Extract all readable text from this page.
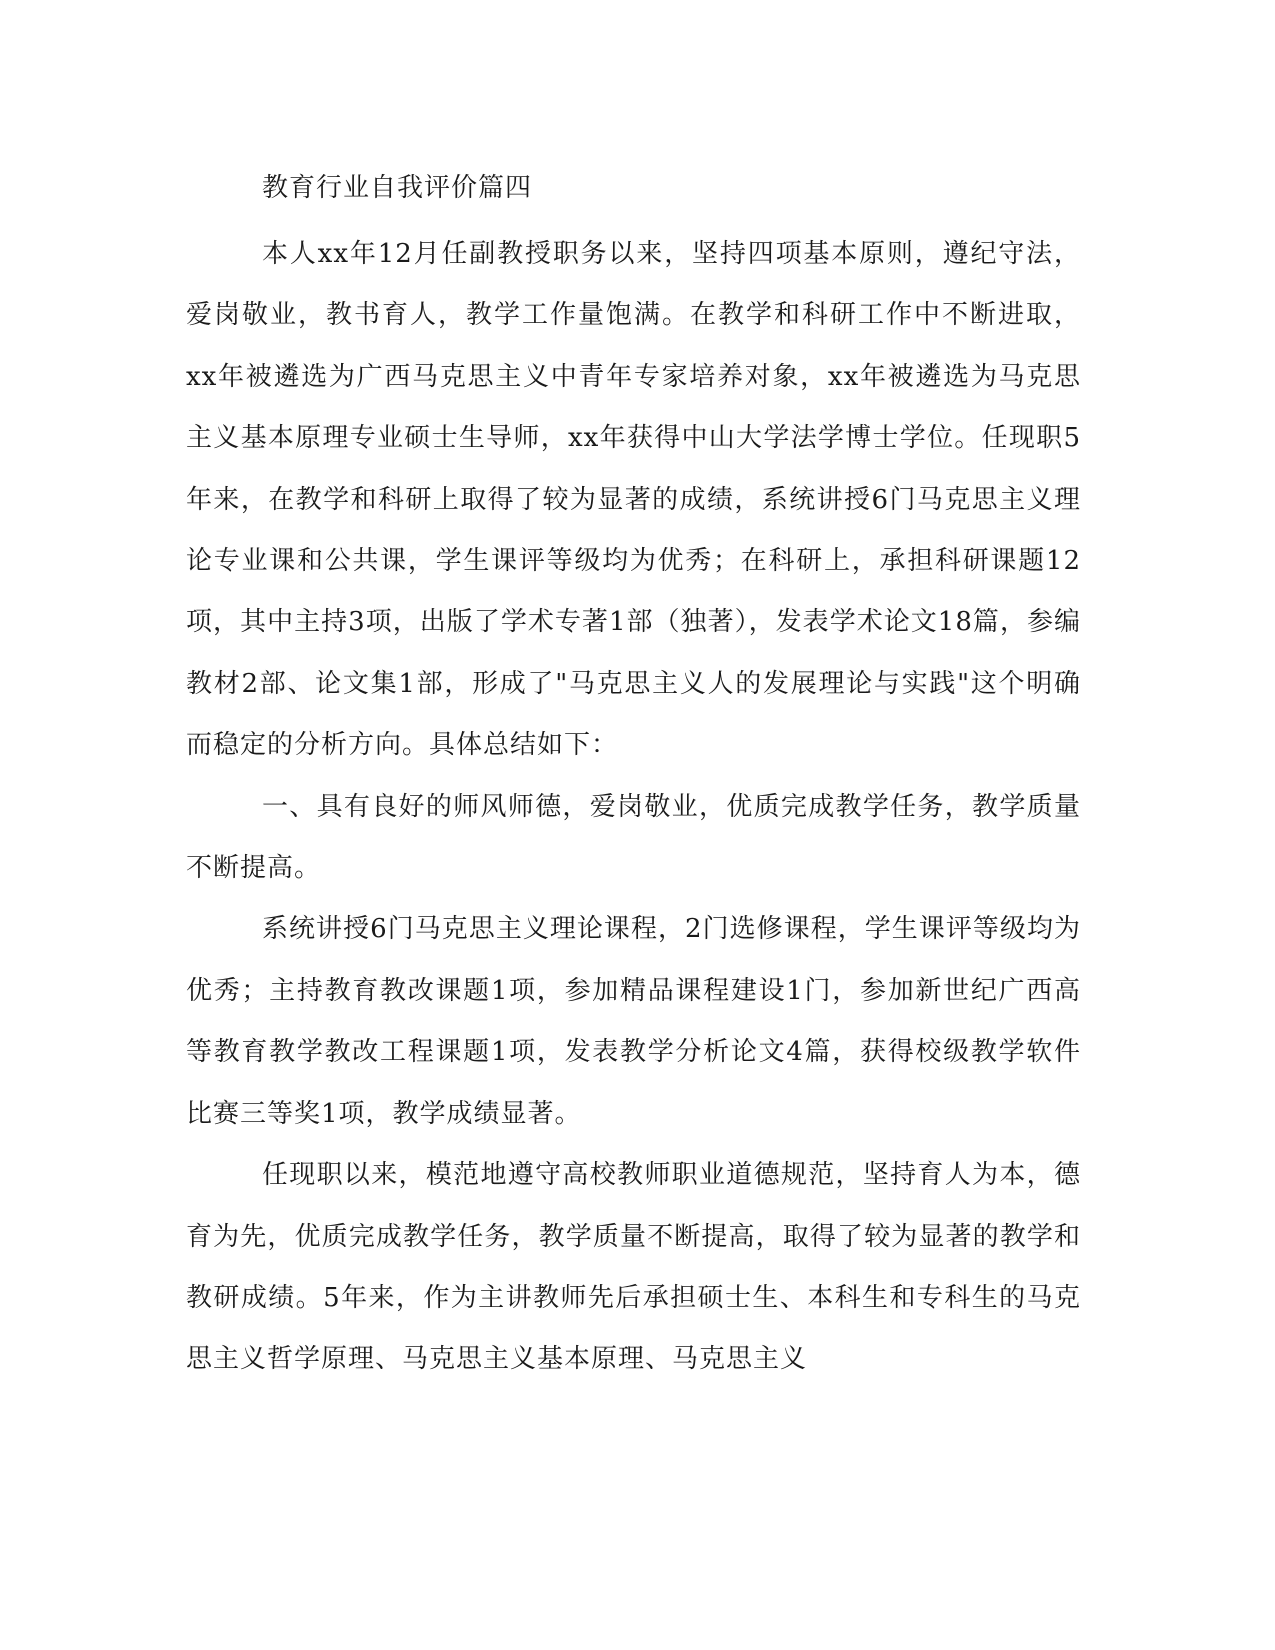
教育行业自我评价篇四

本人xx年12月任副教授职务以来，坚持四项基本原则，遵纪守法，爱岗敬业，教书育人，教学工作量饱满。在教学和科研工作中不断进取，xx年被遴选为广西马克思主义中青年专家培养对象，xx年被遴选为马克思主义基本原理专业硕士生导师，xx年获得中山大学法学博士学位。任现职5年来，在教学和科研上取得了较为显著的成绩，系统讲授6门马克思主义理论专业课和公共课，学生课评等级均为优秀；在科研上，承担科研课题12项，其中主持3项，出版了学术专著1部（独著），发表学术论文18篇，参编教材2部、论文集1部，形成了"马克思主义人的发展理论与实践"这个明确而稳定的分析方向。具体总结如下：

一、具有良好的师风师德，爱岗敬业，优质完成教学任务，教学质量不断提高。

系统讲授6门马克思主义理论课程，2门选修课程，学生课评等级均为优秀；主持教育教改课题1项，参加精品课程建设1门，参加新世纪广西高等教育教学教改工程课题1项，发表教学分析论文4篇，获得校级教学软件比赛三等奖1项，教学成绩显著。

任现职以来，模范地遵守高校教师职业道德规范，坚持育人为本，德育为先，优质完成教学任务，教学质量不断提高，取得了较为显著的教学和教研成绩。5年来，作为主讲教师先后承担硕士生、本科生和专科生的马克思主义哲学原理、马克思主义基本原理、马克思主义
